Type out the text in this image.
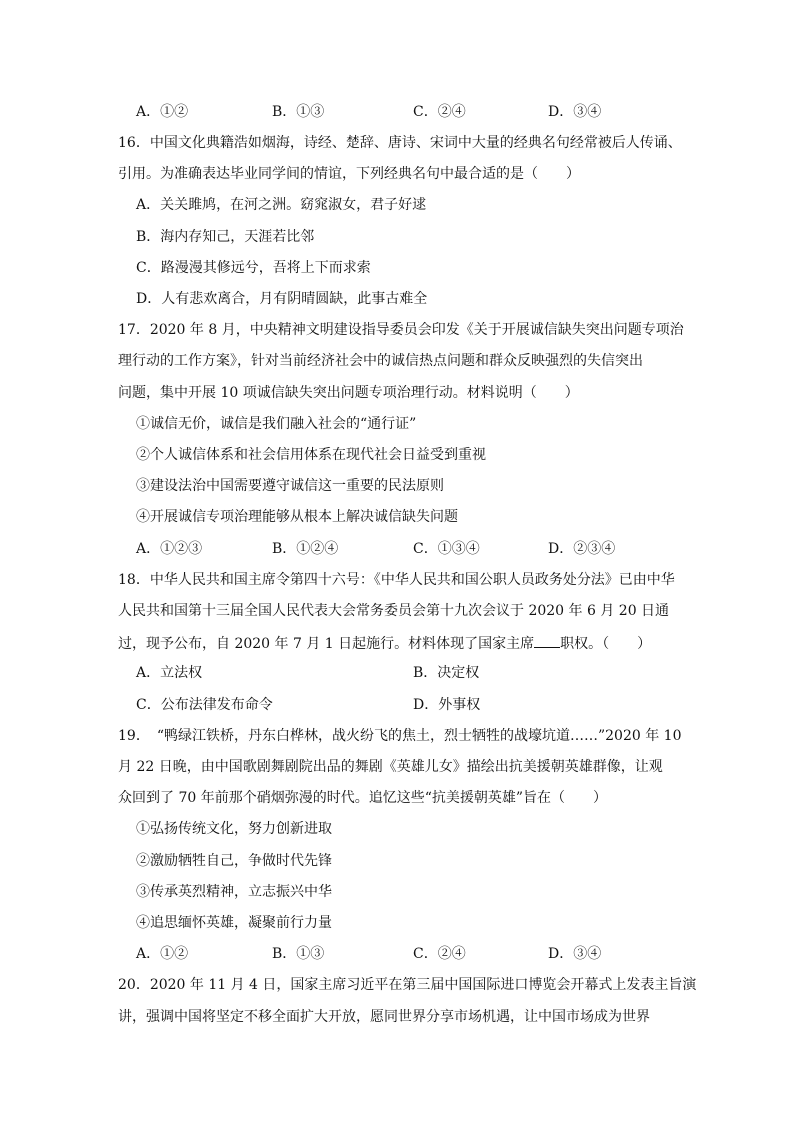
A．①②	B．①③	C．②④	D．③④
16．中国文化典籍浩如烟海，诗经、楚辞、唐诗、宋词中大量的经典名句经常被后人传诵、
引用。为准确表达毕业同学间的情谊，下列经典名句中最合适的是（　　）
A．关关雎鸠，在河之洲。窈窕淑女，君子好逑
B．海内存知己，天涯若比邻
C．路漫漫其修远兮，吾将上下而求索
D．人有悲欢离合，月有阴晴圆缺，此事古难全
17．2020 年 8 月，中央精神文明建设指导委员会印发《关于开展诚信缺失突出问题专项治
理行动的工作方案》，针对当前经济社会中的诚信热点问题和群众反映强烈的失信突出
问题，集中开展 10 项诚信缺失突出问题专项治理行动。材料说明（　　）
①诚信无价，诚信是我们融入社会的“通行证”
②个人诚信体系和社会信用体系在现代社会日益受到重视
③建设法治中国需要遵守诚信这一重要的民法原则
④开展诚信专项治理能够从根本上解决诚信缺失问题
A．①②③	B．①②④	C．①③④	D．②③④
18．中华人民共和国主席令第四十六号：《中华人民共和国公职人员政务处分法》已由中华
人民共和国第十三届全国人民代表大会常务委员会第十九次会议于 2020 年 6 月 20 日通
过，现予公布，自 2020 年 7 月 1 日起施行。材料体现了国家主席 职权。（　　）
A．立法权	B．决定权
C．公布法律发布命令	D．外事权
19．　“鸭绿江铁桥，丹东白桦林，战火纷飞的焦土，烈士牺牲的战壕坑道……”2020 年 10
月 22 日晚，由中国歌剧舞剧院出品的舞剧《英雄儿女》描绘出抗美援朝英雄群像，让观
众回到了 70 年前那个硝烟弥漫的时代。追忆这些“抗美援朝英雄”旨在（　　）
①弘扬传统文化，努力创新进取
②激励牺牲自己，争做时代先锋
③传承英烈精神，立志振兴中华
④追思缅怀英雄，凝聚前行力量
A．①②	B．①③	C．②④	D．③④
20．2020 年 11 月 4 日，国家主席习近平在第三届中国国际进口博览会开幕式上发表主旨演
讲，强调中国将坚定不移全面扩大开放，愿同世界分享市场机遇，让中国市场成为世界
